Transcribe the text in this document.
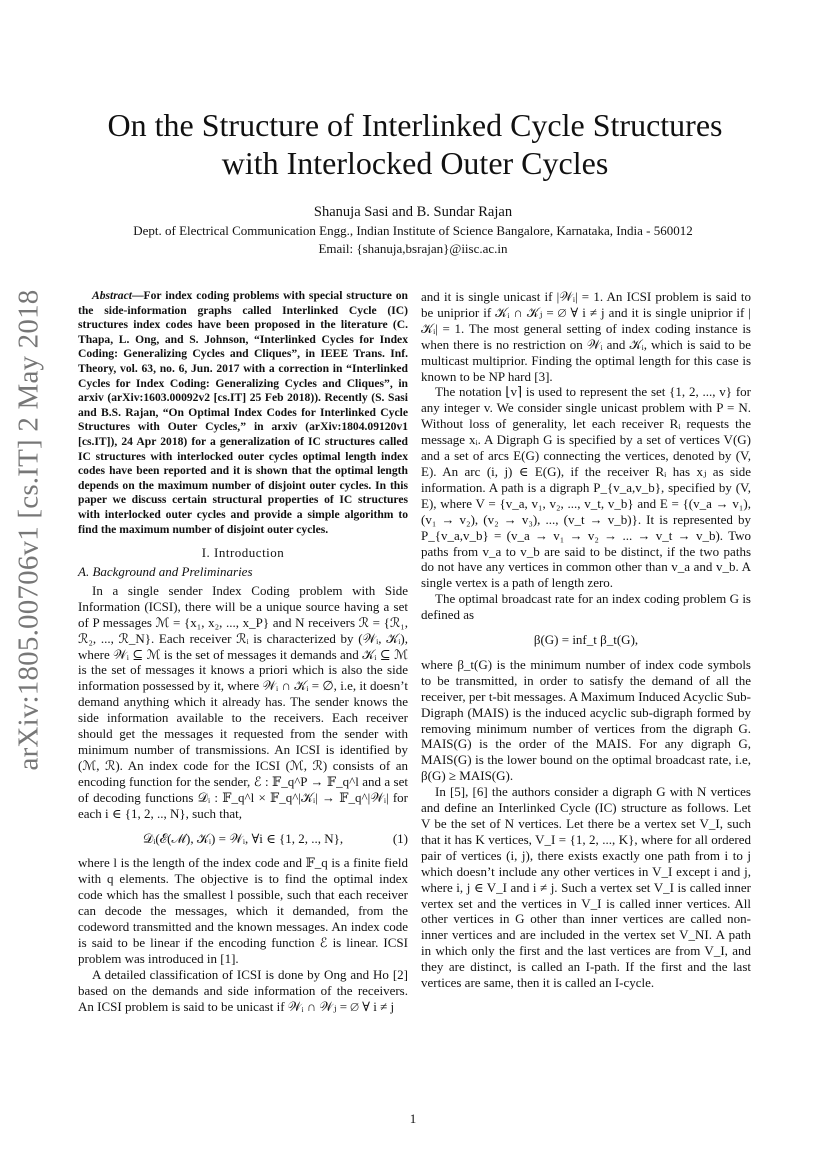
arXiv:1805.00706v1 [cs.IT] 2 May 2018
On the Structure of Interlinked Cycle Structures
with Interlocked Outer Cycles
Shanuja Sasi and B. Sundar Rajan
Dept. of Electrical Communication Engg., Indian Institute of Science Bangalore, Karnataka, India - 560012
Email: {shanuja,bsrajan}@iisc.ac.in

Abstract—For index coding problems with special structure on the side-information graphs called Interlinked Cycle (IC) structures index codes have been proposed in the literature (C. Thapa, L. Ong, and S. Johnson, “Interlinked Cycles for Index Coding: Generalizing Cycles and Cliques”, in IEEE Trans. Inf. Theory, vol. 63, no. 6, Jun. 2017 with a correction in “Interlinked Cycles for Index Coding: Generalizing Cycles and Cliques”, in arxiv (arXiv:1603.00092v2 [cs.IT] 25 Feb 2018)). Recently (S. Sasi and B.S. Rajan, “On Optimal Index Codes for Interlinked Cycle Structures with Outer Cycles,” in arxiv (arXiv:1804.09120v1 [cs.IT]), 24 Apr 2018) for a generalization of IC structures called IC structures with interlocked outer cycles optimal length index codes have been reported and it is shown that the optimal length depends on the maximum number of disjoint outer cycles. In this paper we discuss certain structural properties of IC structures with interlocked outer cycles and provide a simple algorithm to find the maximum number of disjoint outer cycles.

I. Introduction

A. Background and Preliminaries

In a single sender Index Coding problem with Side Information (ICSI), there will be a unique source having a set of P messages ℳ = {x₁, x₂, ..., x_P} and N receivers ℛ = {ℛ₁, ℛ₂, ..., ℛ_N}. Each receiver ℛᵢ is characterized by (𝒲ᵢ, 𝒦ᵢ), where 𝒲ᵢ ⊆ ℳ is the set of messages it demands and 𝒦ᵢ ⊆ ℳ is the set of messages it knows a priori which is also the side information possessed by it, where 𝒲ᵢ ∩ 𝒦ᵢ = ∅, i.e, it doesn’t demand anything which it already has. The sender knows the side information available to the receivers. Each receiver should get the messages it requested from the sender with minimum number of transmissions. An ICSI is identified by (ℳ, ℛ). An index code for the ICSI (ℳ, ℛ) consists of an encoding function for the sender, ℰ : 𝔽_q^P → 𝔽_q^l and a set of decoding functions 𝒟ᵢ : 𝔽_q^l × 𝔽_q^|𝒦ᵢ| → 𝔽_q^|𝒲ᵢ| for each i ∈ {1, 2, .., N}, such that,

𝒟ᵢ(ℰ(ℳ), 𝒦ᵢ) = 𝒲ᵢ, ∀i ∈ {1, 2, .., N},	(1)

where l is the length of the index code and 𝔽_q is a finite field with q elements. The objective is to find the optimal index code which has the smallest l possible, such that each receiver can decode the messages, which it demanded, from the codeword transmitted and the known messages. An index code is said to be linear if the encoding function ℰ is linear. ICSI problem was introduced in [1].

A detailed classification of ICSI is done by Ong and Ho [2] based on the demands and side information of the receivers. An ICSI problem is said to be unicast if 𝒲ᵢ ∩ 𝒲ⱼ = ∅ ∀ i ≠ j

and it is single unicast if |𝒲ᵢ| = 1. An ICSI problem is said to be uniprior if 𝒦ᵢ ∩ 𝒦ⱼ = ∅ ∀ i ≠ j and it is single uniprior if |𝒦ᵢ| = 1. The most general setting of index coding instance is when there is no restriction on 𝒲ᵢ and 𝒦ᵢ, which is said to be multicast multiprior. Finding the optimal length for this case is known to be NP hard [3].

The notation ⌊v⌉ is used to represent the set {1, 2, ..., v} for any integer v. We consider single unicast problem with P = N. Without loss of generality, let each receiver Rᵢ requests the message xᵢ. A Digraph G is specified by a set of vertices V(G) and a set of arcs E(G) connecting the vertices, denoted by (V, E). An arc (i, j) ∈ E(G), if the receiver Rᵢ has xⱼ as side information. A path is a digraph P_{v_a,v_b}, specified by (V, E), where V = {v_a, v₁, v₂, ..., v_t, v_b} and E = {(v_a → v₁), (v₁ → v₂), (v₂ → v₃), ..., (v_t → v_b)}. It is represented by P_{v_a,v_b} = (v_a → v₁ → v₂ → ... → v_t → v_b). Two paths from v_a to v_b are said to be distinct, if the two paths do not have any vertices in common other than v_a and v_b. A single vertex is a path of length zero.

The optimal broadcast rate for an index coding problem G is defined as

β(G) = inf_t β_t(G),

where β_t(G) is the minimum number of index code symbols to be transmitted, in order to satisfy the demand of all the receiver, per t-bit messages. A Maximum Induced Acyclic Sub-Digraph (MAIS) is the induced acyclic sub-digraph formed by removing minimum number of vertices from the digraph G. MAIS(G) is the order of the MAIS. For any digraph G, MAIS(G) is the lower bound on the optimal broadcast rate, i.e, β(G) ≥ MAIS(G).

In [5], [6] the authors consider a digraph G with N vertices and define an Interlinked Cycle (IC) structure as follows. Let V be the set of N vertices. Let there be a vertex set V_I, such that it has K vertices, V_I = {1, 2, ..., K}, where for all ordered pair of vertices (i, j), there exists exactly one path from i to j which doesn’t include any other vertices in V_I except i and j, where i, j ∈ V_I and i ≠ j. Such a vertex set V_I is called inner vertex set and the vertices in V_I is called inner vertices. All other vertices in G other than inner vertices are called non-inner vertices and are included in the vertex set V_NI. A path in which only the first and the last vertices are from V_I, and they are distinct, is called an I-path. If the first and the last vertices are same, then it is called an I-cycle.

1
